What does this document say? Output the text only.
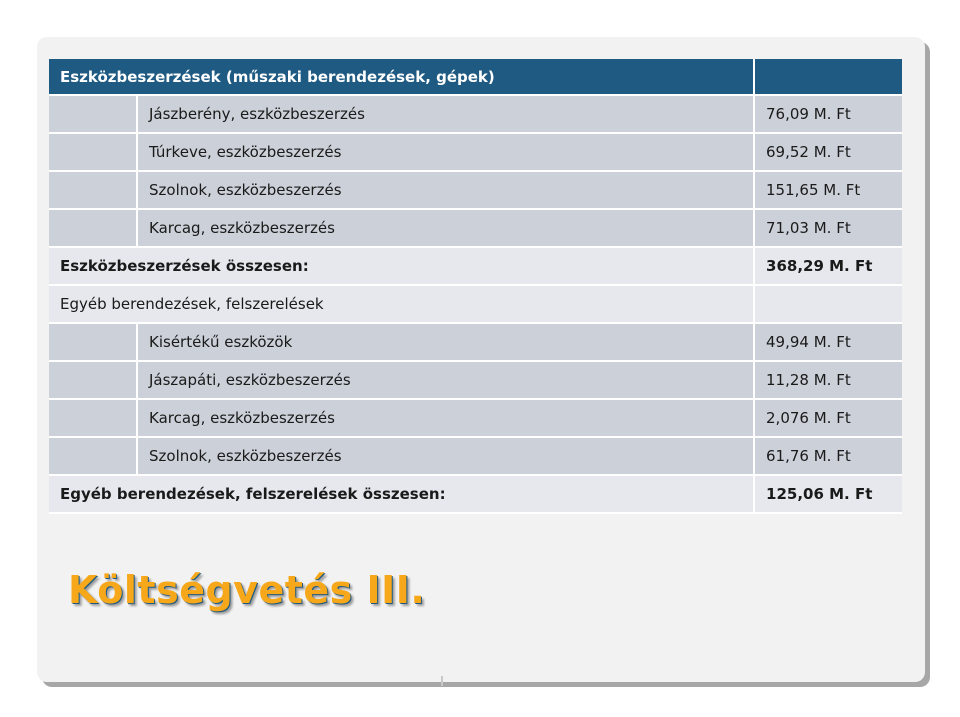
Eszközbeszerzések (műszaki berendezések, gépek)		
	Jászberény, eszközbeszerzés	76,09 M. Ft
	Túrkeve, eszközbeszerzés	69,52 M. Ft
	Szolnok, eszközbeszerzés	151,65 M. Ft
	Karcag, eszközbeszerzés	71,03 M. Ft
Eszközbeszerzések összesen:		368,29 M. Ft
Egyéb berendezések, felszerelések		
	Kisértékű eszközök	49,94 M. Ft
	Jászapáti, eszközbeszerzés	11,28 M. Ft
	Karcag, eszközbeszerzés	2,076 M. Ft
	Szolnok, eszközbeszerzés	61,76 M. Ft
Egyéb berendezések, felszerelések összesen:		125,06 M. Ft
Költségvetés III.
